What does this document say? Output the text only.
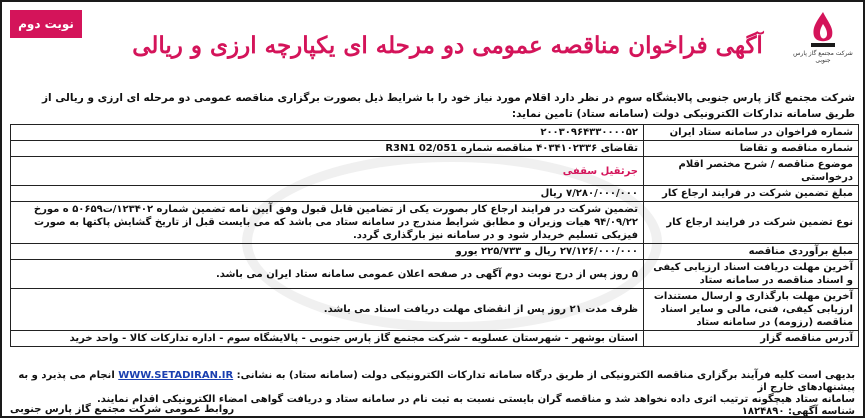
شرکت مجتمع گاز پارس جنوبی
آگهی فراخوان مناقصه عمومی دو مرحله ای یکپارچه ارزی و ریالی
نوبت دوم
شرکت مجتمع گاز پارس جنوبی پالایشگاه سوم در نظر دارد اقلام مورد نیاز خود را با شرایط ذیل بصورت برگزاری مناقصه عمومی دو مرحله ای ارزی و ریالی از طریق سامانه تدارکات الکترونیکی دولت (سامانه ستاد) تامین نماید:
شماره فراخوان در سامانه ستاد ایران	۲۰۰۳۰۹۶۴۳۳۰۰۰۰۵۲
شماره مناقصه و تقاضا	تقاضای ۴۰۳۴۱۰۲۳۳۶ مناقصه شماره 02/051 R3N1
موضوع مناقصه / شرح مختصر اقلام درخواستی	جرثقیل سقفی
مبلغ تضمین شرکت در فرایند ارجاع کار	۷/۲۸۰/۰۰۰/۰۰۰ ریال
نوع تضمین شرکت در فرایند ارجاع کار	تضمین شرکت در فرایند ارجاع کار بصورت یکی از تضامین قابل قبول وفق آیین نامه تضمین شماره ۱۲۳۴۰۲/ت۵۰۶۵۹ ه مورخ ۹۴/۰۹/۲۲ هیات وزیران و مطابق شرایط مندرج در سامانه ستاد می باشد که می بایست قبل از تاریخ گشایش پاکتها به صورت فیزیکی تسلیم خریدار شود و در سامانه نیز بارگذاری گردد.
مبلغ برآوردی مناقصه	۲۷/۱۲۶/۰۰۰/۰۰۰ ریال و ۲۲۵/۷۳۳ یورو
آخرین مهلت دریافت اسناد ارزیابی کیفی و اسناد مناقصه در سامانه ستاد	۵ روز پس از درج نوبت دوم آگهی در صفحه اعلان عمومی سامانه ستاد ایران می باشد.
آخرین مهلت بارگذاری و ارسال مستندات ارزیابی کیفی، فنی، مالی و سایر اسناد مناقصه (رزومه) در سامانه ستاد	ظرف مدت ۲۱ روز پس از انقضای مهلت دریافت اسناد می باشد.
آدرس مناقصه گزار	استان بوشهر - شهرستان عسلویه - شرکت مجتمع گاز پارس جنوبی - پالایشگاه سوم - اداره تدارکات کالا - واحد خرید
بدیهی است کلیه فرآیند برگزاری مناقصه الکترونیکی از طریق درگاه سامانه تدارکات الکترونیکی دولت (سامانه ستاد) به نشانی: WWW.SETADIRAN.IR انجام می پذیرد و به پیشنهادهای خارج از
سامانه ستاد هیچگونه ترتیب اثری داده نخواهد شد و مناقصه گران بایستی نسبت به ثبت نام در سامانه ستاد و دریافت گواهی امضاء الکترونیکی اقدام نمایند.
شناسه آگهی: ۱۸۲۴۸۹۰
روابط عمومی شرکت مجتمع گاز پارس جنوبی
